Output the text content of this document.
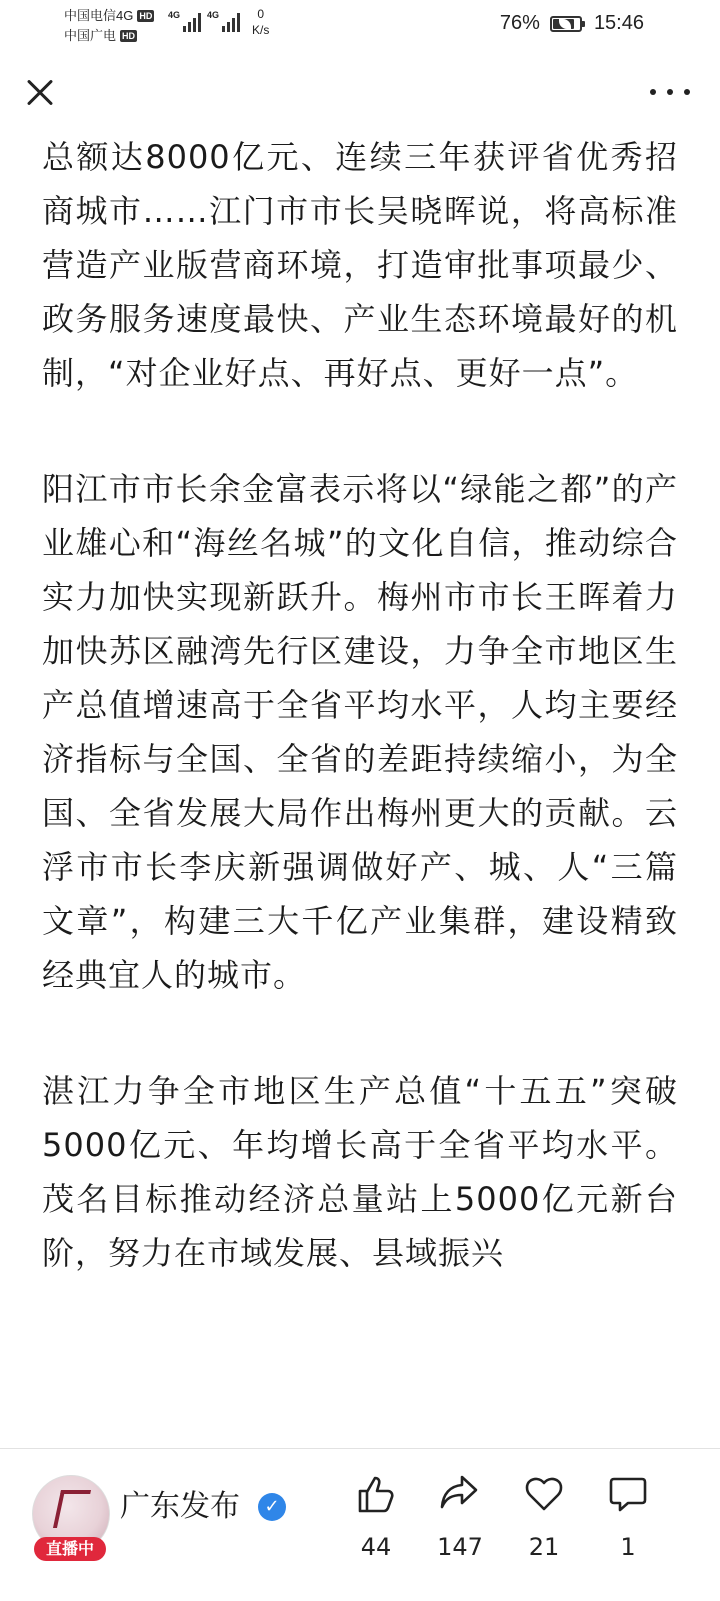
中国电信4G HD
中国广电 HD
4G	4G	0
K/s	76%	15:46

总额达8000亿元、连续三年获评省优秀招商城市……江门市市长吴晓晖说，将高标准营造产业版营商环境，打造审批事项最少、政务服务速度最快、产业生态环境最好的机制，“对企业好点、再好点、更好一点”。

阳江市市长余金富表示将以“绿能之都”的产业雄心和“海丝名城”的文化自信，推动综合实力加快实现新跃升。梅州市市长王晖着力加快苏区融湾先行区建设，力争全市地区生产总值增速高于全省平均水平，人均主要经济指标与全国、全省的差距持续缩小，为全国、全省发展大局作出梅州更大的贡献。云浮市市长李庆新强调做好产、城、人“三篇文章”，构建三大千亿产业集群，建设精致经典宜人的城市。

湛江力争全市地区生产总值“十五五”突破5000亿元、年均增长高于全省平均水平。茂名目标推动经济总量站上5000亿元新台阶，努力在市域发展、县域振兴

直播中
广东发布	✓
44	147	21	1
